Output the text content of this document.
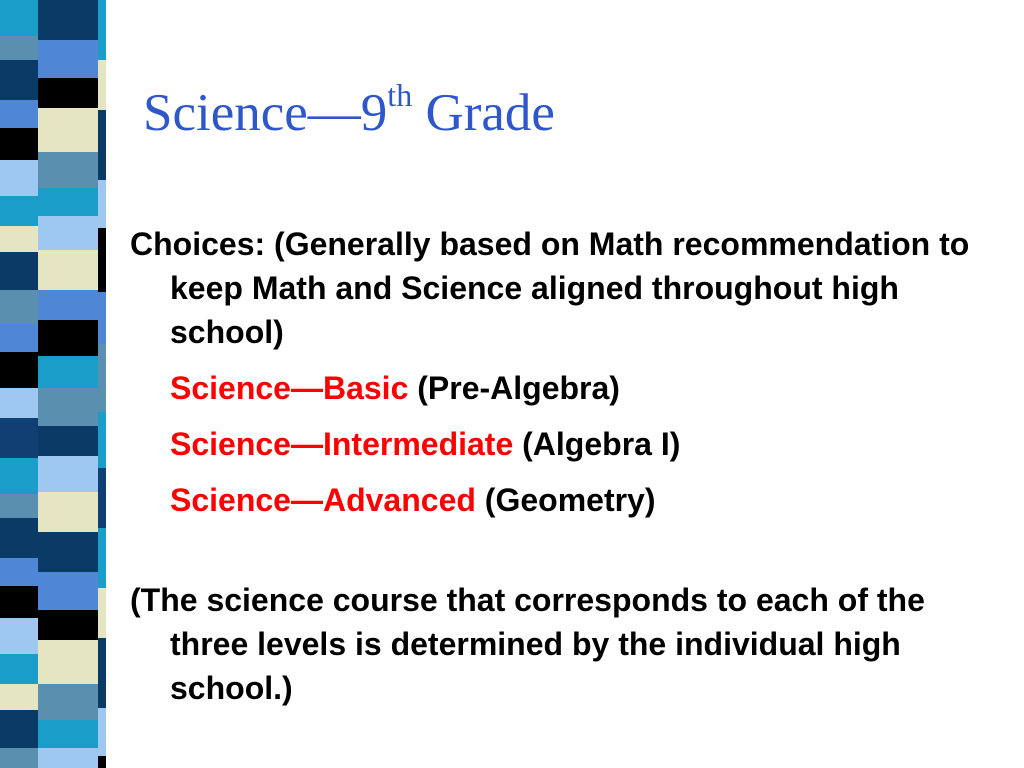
Science—9th Grade

Choices: (Generally based on Math recommendation to keep Math and Science aligned throughout high school)

Science—Basic (Pre-Algebra)
Science—Intermediate (Algebra I)
Science—Advanced (Geometry)

(The science course that corresponds to each of the three levels is determined by the individual high school.)
